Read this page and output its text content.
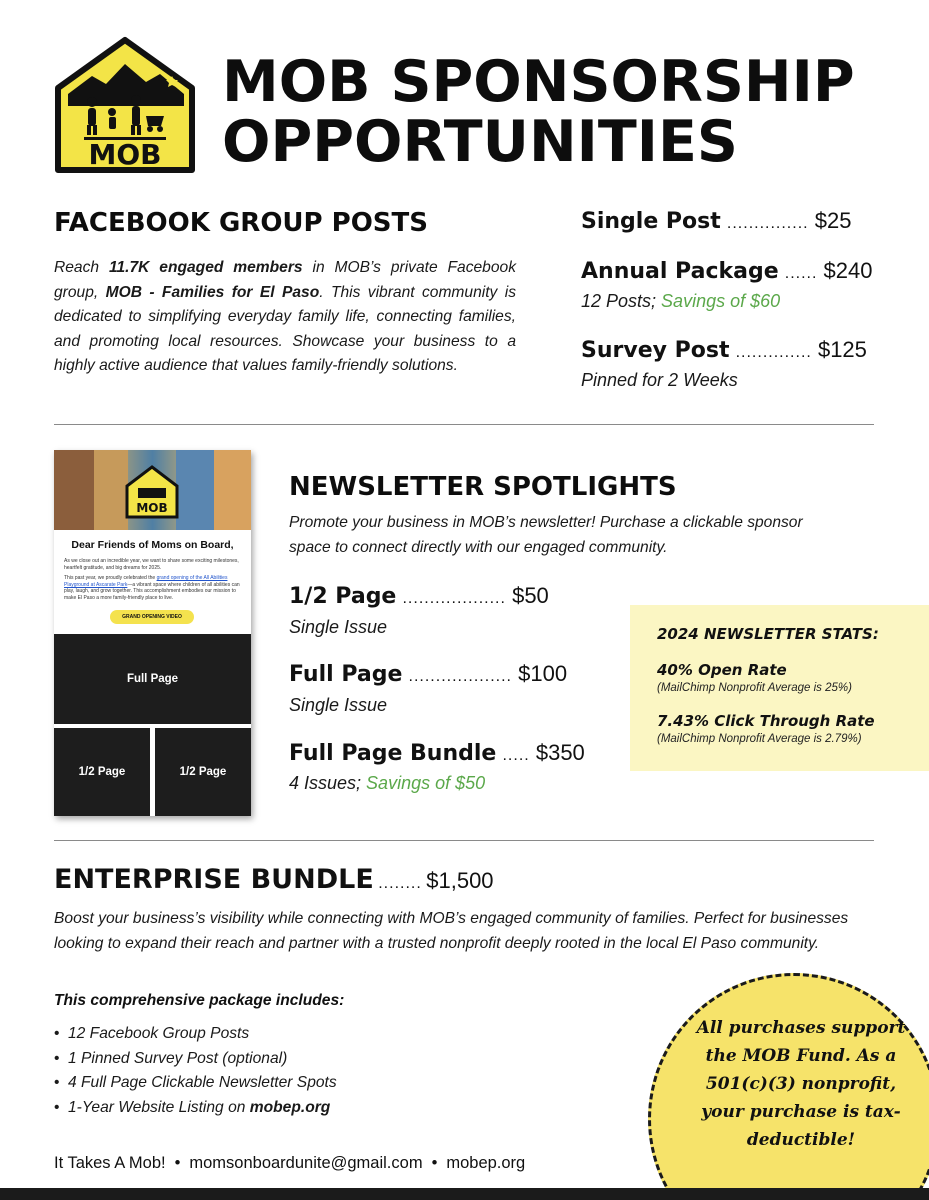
MOB
MOB SPONSORSHIP
OPPORTUNITIES
FACEBOOK GROUP POSTS

Reach 11.7K engaged members in MOB’s private Facebook group, MOB - Families for El Paso. This vibrant community is dedicated to simplifying everyday family life, connecting families, and promoting local resources. Showcase your business to a highly active audience that values family-friendly solutions.

Single Post ............... $25
Annual Package ...... $240
12 Posts; Savings of $60
Survey Post .............. $125
Pinned for 2 Weeks
MOB
Dear Friends of Moms on Board,
As we close out an incredible year, we want to share some exciting milestones, heartfelt gratitude, and big dreams for 2025.
This past year, we proudly celebrated the grand opening of the All Abilities Playground at Ascarate Park—a vibrant space where children of all abilities can play, laugh, and grow together. This accomplishment embodies our mission to make El Paso a more family-friendly place to live.
GRAND OPENING VIDEO
Full Page
1/2 Page	1/2 Page
NEWSLETTER SPOTLIGHTS

Promote your business in MOB’s newsletter! Purchase a clickable sponsor space to connect directly with our engaged community.

1/2 Page ................... $50
Single Issue
Full Page ................... $100
Single Issue
Full Page Bundle ..... $350
4 Issues; Savings of $50
2024 NEWSLETTER STATS:
40% Open Rate
(MailChimp Nonprofit Average is 25%)
7.43% Click Through Rate
(MailChimp Nonprofit Average is 2.79%)
ENTERPRISE BUNDLE ........ $1,500

Boost your business’s visibility while connecting with MOB’s engaged community of families. Perfect for businesses looking to expand their reach and partner with a trusted nonprofit deeply rooted in the local El Paso community.

This comprehensive package includes:
• 12 Facebook Group Posts
• 1 Pinned Survey Post (optional)
• 4 Full Page Clickable Newsletter Spots
• 1-Year Website Listing on mobep.org
All purchases support the MOB Fund. As a 501(c)(3) nonprofit, your purchase is tax-deductible!
It Takes A Mob! • momsonboardunite@gmail.com • mobep.org
